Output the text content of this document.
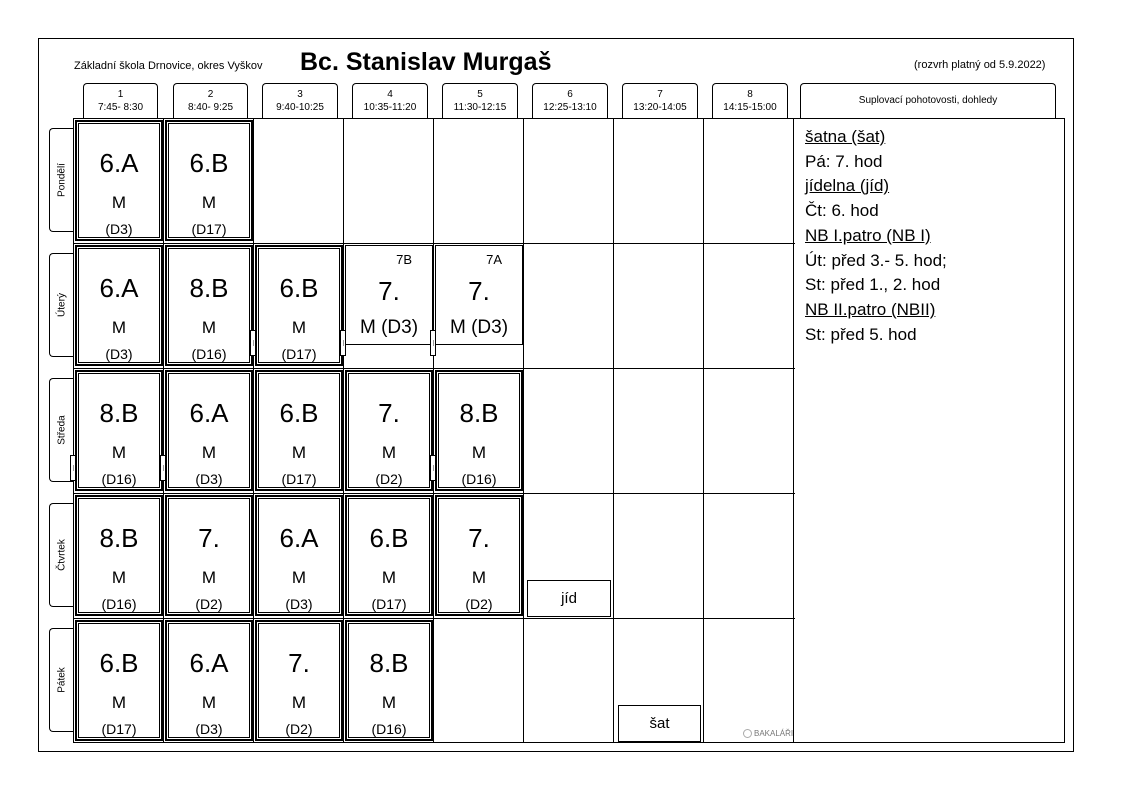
Základní škola Drnovice, okres Vyškov Bc. Stanislav Murgaš	(rozvrh platný od 5.9.2022)
1
7:45- 8:30
2
8:40- 9:25
3
9:40-10:25
4
10:35-11:20
5
11:30-12:15
6
12:25-13:10
7
13:20-14:05
8
14:15-15:00
Suplovací pohotovosti, dohledy
Pondělí
Úterý
Středa
Čtvrtek
Pátek
6.A
M
(D3)
6.B
M
(D17)
6.A
M
(D3)
8.B
M
(D16)
6.B
M
(D17)
7B
7.
M (D3)
7A
7.
M (D3)
8.B
M
(D16)
6.A
M
(D3)
6.B
M
(D17)
7.
M
(D2)
8.B
M
(D16)
8.B
M
(D16)
7.
M
(D2)
6.A
M
(D3)
6.B
M
(D17)
7.
M
(D2)
6.B
M
(D17)
6.A
M
(D3)
7.
M
(D2)
8.B
M
(D16)
jíd
šat
šatna (šat)
Pá: 7. hod
jídelna (jíd)
Čt: 6. hod
NB I.patro (NB I)
Út: před 3.- 5. hod;
St: před 1., 2. hod
NB II.patro (NBII)
St: před 5. hod
BAKALÁŘI
